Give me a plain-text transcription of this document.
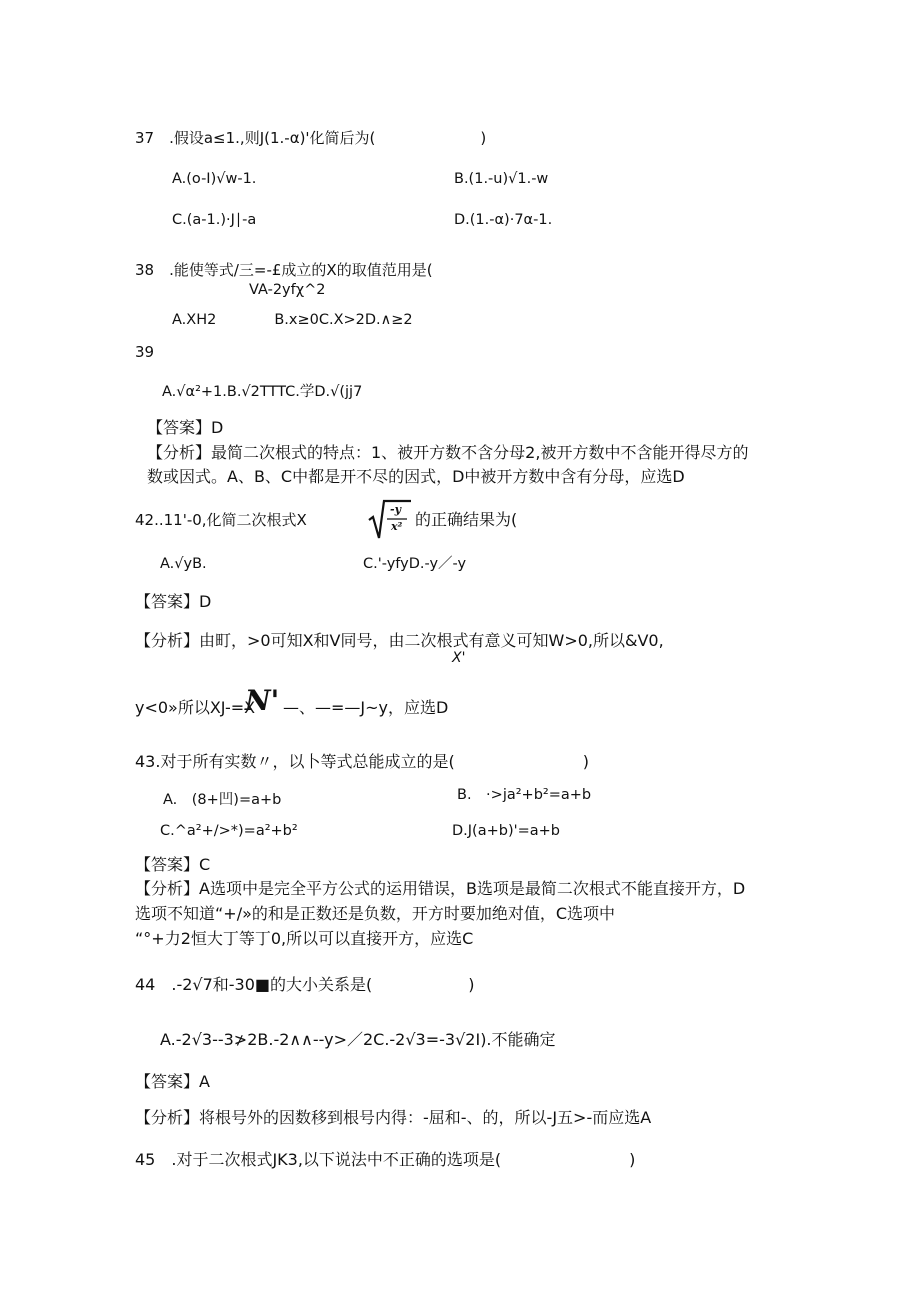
37　.假设a≤1.,则J(1.-α)'化简后为(　　　　　　　)
A.(o-I)√w-1.	B.(1.-u)√1.-w
C.(a-1.)·J∣-a	D.(1.-α)·7α-1.
38　.能使等式/三=-£成立的X的取值范用是(
VA-2yfχ^2
A.XH2　　　　B.x≥0C.X>2D.∧≥2
39
A.√α²+1.B.√2TTTC.学D.√(jj7
【答案】D
【分析】最简二次根式的特点：1、被开方数不含分母2,被开方数中不含能开得尽方的
数或因式。A、B、C中都是开不尽的因式，D中被开方数中含有分母，应选D
42..11'-0,化简二次根式X
-y
x² 的正确结果为(
A.√yB.	C.'-yfyD.-y／-y
【答案】D
【分析】由町，>0可知X和V同号，由二次根式有意义可知W>0,所以&V0,
X'
y<0»所以XJ-=X
N' —、—=—J~y，应选D
43.对于所有实数〃，以卜等式总能成立的是(　　　　　　　　)
A.　(8+凹)=a+b	B.　·>ja²+b²=a+b
C.^a²+/>*)=a²+b²	D.J(a+b)'=a+b
【答案】C
【分析】A选项中是完全平方公式的运用错误，B选项是最简二次根式不能直接开方，D
选项不知道“+/»的和是正数还是负数，开方时要加绝对值，C选项中
“°+力2恒大丁等丁0,所以可以直接开方，应选C
44　.-2√7和-30■的大小关系是(　　　　　　)
A.-2√3--3≯2B.-2∧∧--y>／2C.-2√3=-3√2I).不能确定
【答案】A
【分析】将根号外的因数移到根号内得：-屈和-、的，所以-J五>-而应选A
45　.对于二次根式JK3,以下说法中不正确的选项是(　　　　　　　　)
